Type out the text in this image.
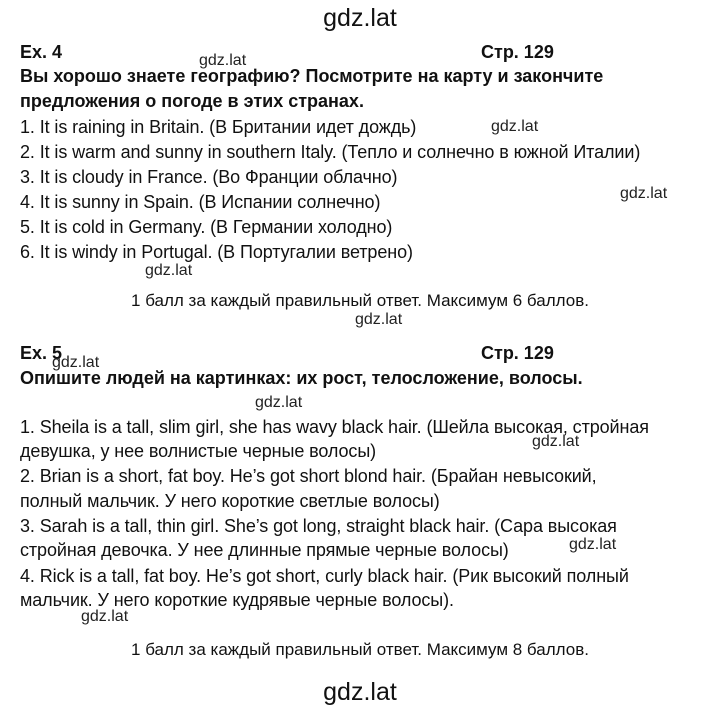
gdz.lat
Ex. 4	Стр. 129
Вы хорошо знаете географию? Посмотрите на карту и закончите
предложения о погоде в этих странах.
1. It is raining in Britain. (В Британии идет дождь)
2. It is warm and sunny in southern Italy. (Тепло и солнечно в южной Италии)
3. It is cloudy in France. (Во Франции облачно)
4. It is sunny in Spain. (В Испании солнечно)
5. It is cold in Germany. (В Германии холодно)
6. It is windy in Portugal. (В Португалии ветрено)
1 балл за каждый правильный ответ. Максимум 6 баллов.
Ex. 5	Стр. 129
Опишите людей на картинках: их рост, телосложение, волосы.
1. Sheila is a tall, slim girl, she has wavy black hair. (Шейла высокая, стройная
девушка, у нее волнистые черные волосы)
2. Brian is a short, fat boy. He’s got short blond hair. (Брайан невысокий,
полный мальчик. У него короткие светлые волосы)
3. Sarah is a tall, thin girl. She’s got long, straight black hair. (Сара высокая
стройная девочка. У нее длинные прямые черные волосы)
4. Rick is a tall, fat boy. He’s got short, curly black hair. (Рик высокий полный
мальчик. У него короткие кудрявые черные волосы).
1 балл за каждый правильный ответ. Максимум 8 баллов.
gdz.lat
gdz.lat
gdz.lat
gdz.lat
gdz.lat
gdz.lat
gdz.lat
gdz.lat
gdz.lat
gdz.lat
gdz.lat
